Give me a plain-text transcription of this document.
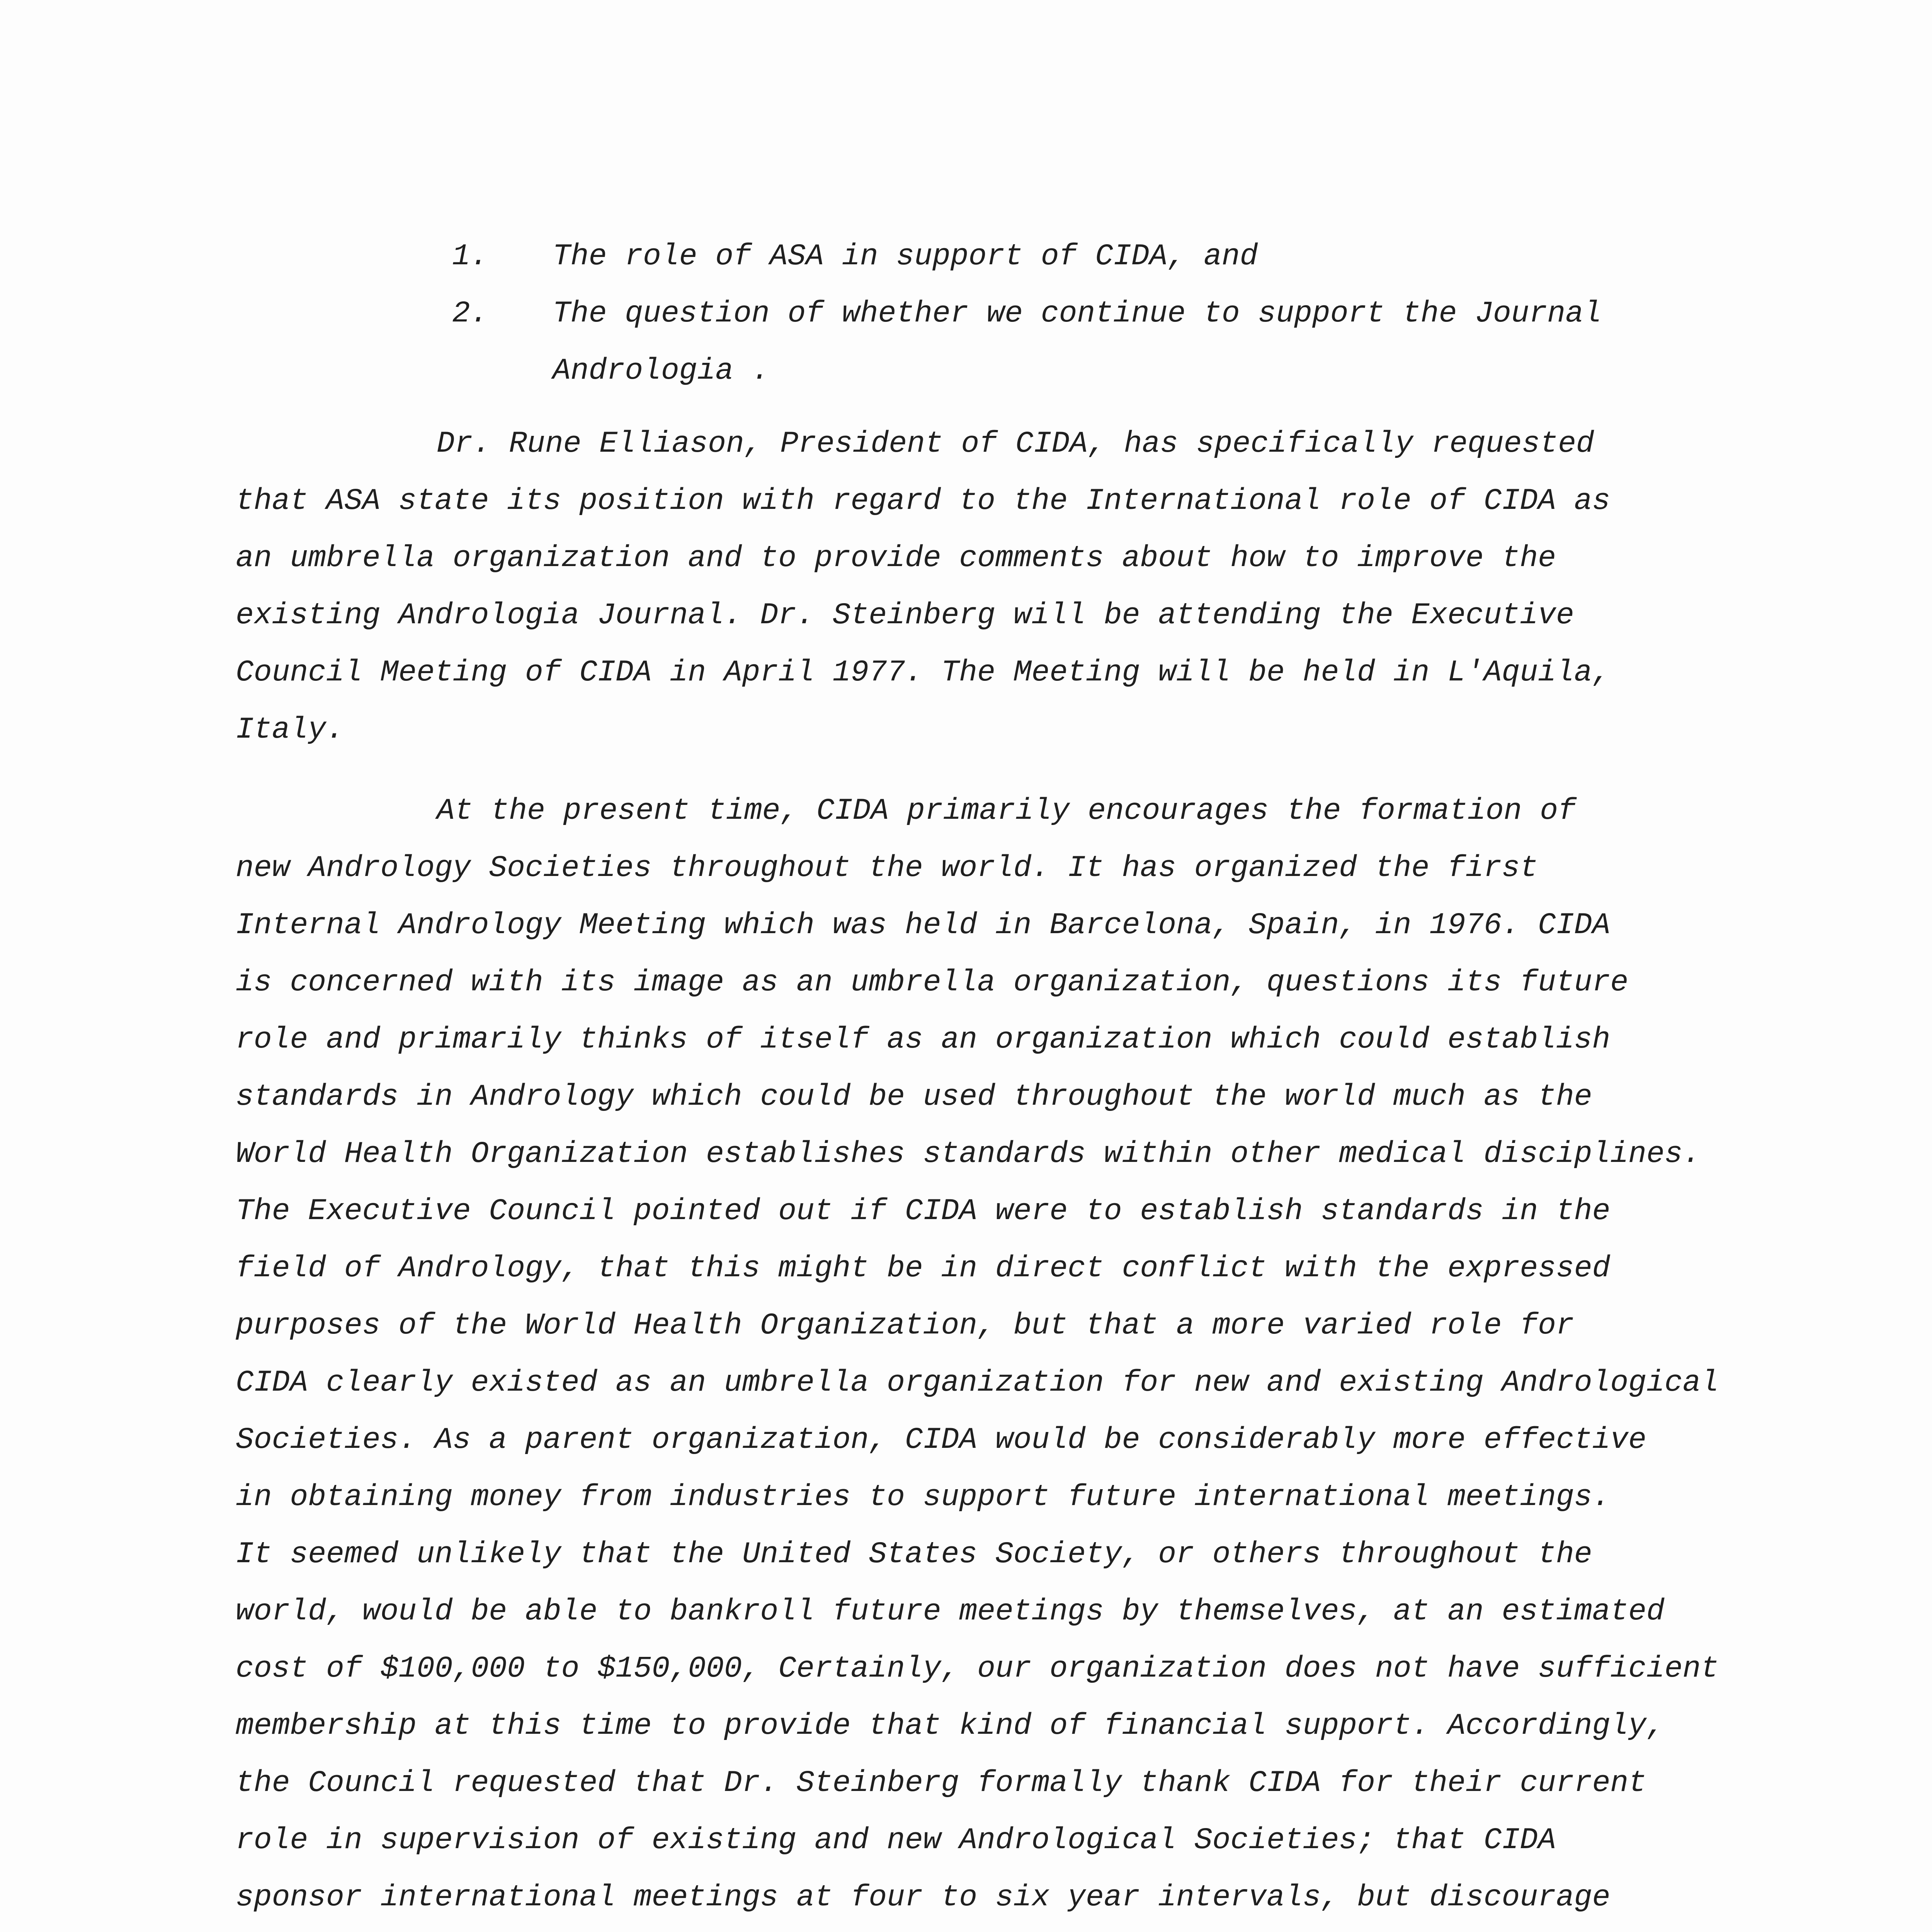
1. The role of ASA in support of CIDA, and
2. The question of whether we continue to support the Journal
Andrologia .
Dr. Rune Elliason, President of CIDA, has specifically requested
that ASA state its position with regard to the International role of CIDA as
an umbrella organization and to provide comments about how to improve the
existing Andrologia Journal. Dr. Steinberg will be attending the Executive
Council Meeting of CIDA in April 1977. The Meeting will be held in L'Aquila,
Italy.
At the present time, CIDA primarily encourages the formation of
new Andrology Societies throughout the world. It has organized the first
Internal Andrology Meeting which was held in Barcelona, Spain, in 1976. CIDA
is concerned with its image as an umbrella organization, questions its future
role and primarily thinks of itself as an organization which could establish
standards in Andrology which could be used throughout the world much as the
World Health Organization establishes standards within other medical disciplines.
The Executive Council pointed out if CIDA were to establish standards in the
field of Andrology, that this might be in direct conflict with the expressed
purposes of the World Health Organization, but that a more varied role for
CIDA clearly existed as an umbrella organization for new and existing Andrological
Societies. As a parent organization, CIDA would be considerably more effective
in obtaining money from industries to support future international meetings.
It seemed unlikely that the United States Society, or others throughout the
world, would be able to bankroll future meetings by themselves, at an estimated
cost of $100,000 to $150,000, Certainly, our organization does not have sufficient
membership at this time to provide that kind of financial support. Accordingly,
the Council requested that Dr. Steinberg formally thank CIDA for their current
role in supervision of existing and new Andrological Societies; that CIDA
sponsor international meetings at four to six year intervals, but discourage
